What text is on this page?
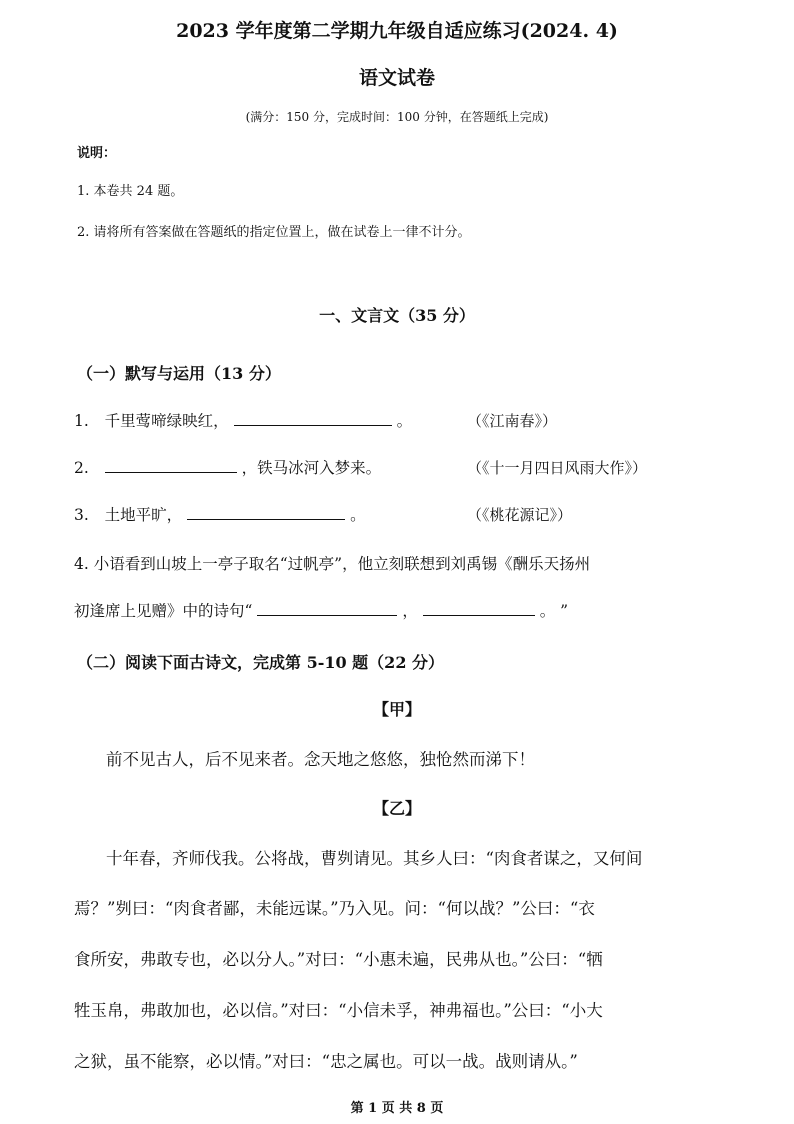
2023 学年度第二学期九年级自适应练习(2024. 4)
语文试卷
(满分：150 分，完成时间：100 分钟，在答题纸上完成)
说明：
1. 本卷共 24 题。
2. 请将所有答案做在答题纸的指定位置上，做在试卷上一律不计分。
一、文言文（35 分）
（一）默写与运用（13 分）
1. 千里莺啼绿映红，	。	（《江南春》）
2.	，铁马冰河入梦来。	（《十一月四日风雨大作》）
3. 土地平旷，	。	（《桃花源记》）
4. 小语看到山坡上一亭子取名“过帆亭”，他立刻联想到刘禹锡《酬乐天扬州
初逢席上见赠》中的诗句“	，	。 ”
（二）阅读下面古诗文，完成第 5-10 题（22 分）
【甲】
前不见古人，后不见来者。念天地之悠悠，独怆然而涕下！
【乙】
十年春，齐师伐我。公将战，曹刿请见。其乡人曰：“肉食者谋之，又何间
焉？”刿曰：“肉食者鄙，未能远谋。”乃入见。问：“何以战？”公曰：“衣
食所安，弗敢专也，必以分人。”对曰：“小惠未遍，民弗从也。”公曰：“牺
牲玉帛，弗敢加也，必以信。”对曰：“小信未孚，神弗福也。”公曰：“小大
之狱，虽不能察，必以情。”对曰：“忠之属也。可以一战。战则请从。”
第 1 页 共 8 页
